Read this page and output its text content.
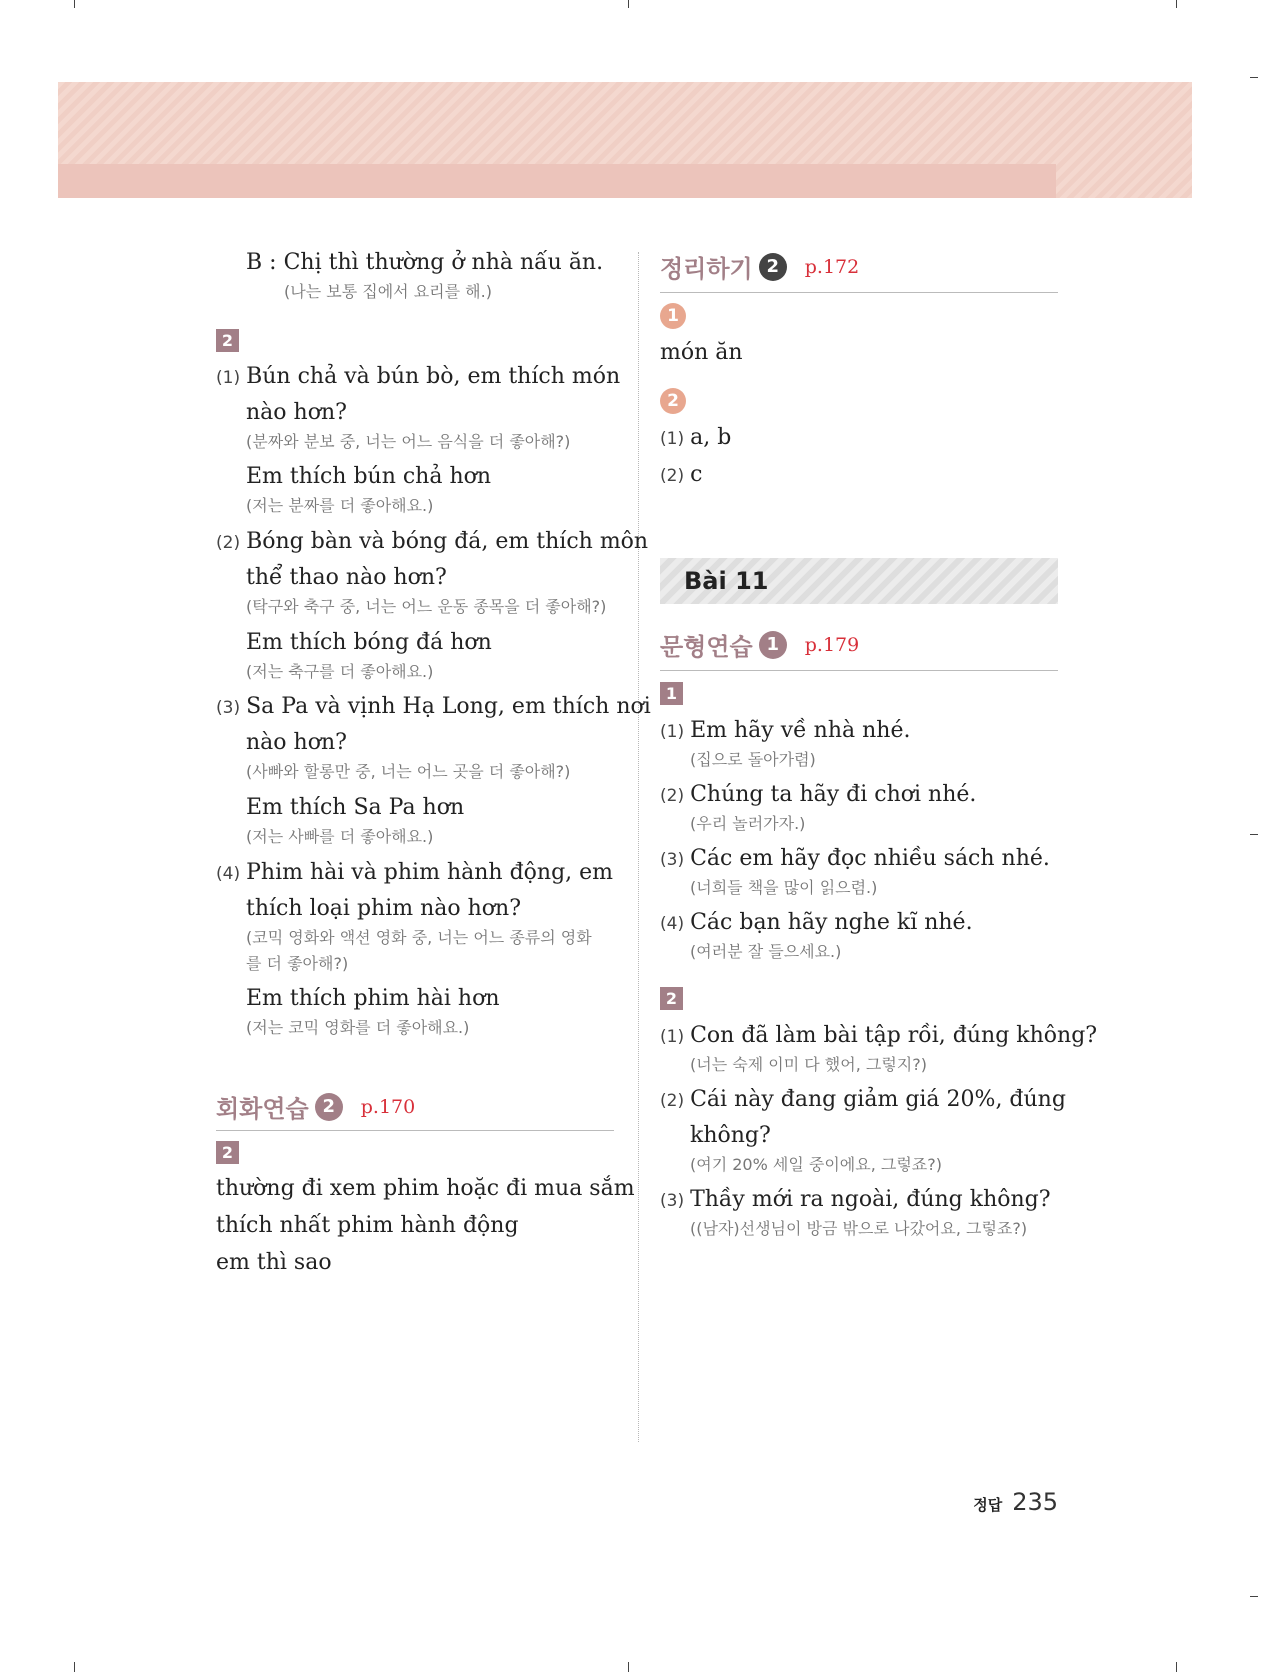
B : Chị thì thường ở nhà nấu ăn.
(나는 보통 집에서 요리를 해.)
2
(1) Bún chả và bún bò, em thích món
nào hơn?
(분짜와 분보 중, 너는 어느 음식을 더 좋아해?)
Em thích bún chả hơn
(저는 분짜를 더 좋아해요.)
(2) Bóng bàn và bóng đá, em thích môn
thể thao nào hơn?
(탁구와 축구 중, 너는 어느 운동 종목을 더 좋아해?)
Em thích bóng đá hơn
(저는 축구를 더 좋아해요.)
(3) Sa Pa và vịnh Hạ Long, em thích nơi
nào hơn?
(사빠와 할롱만 중, 너는 어느 곳을 더 좋아해?)
Em thích Sa Pa hơn
(저는 사빠를 더 좋아해요.)
(4) Phim hài và phim hành động, em
thích loại phim nào hơn?
(코믹 영화와 액션 영화 중, 너는 어느 종류의 영화
를 더 좋아해?)
Em thích phim hài hơn
(저는 코믹 영화를 더 좋아해요.)
회화연습 2	p.170
2
thường đi xem phim hoặc đi mua sắm
thích nhất phim hành động
em thì sao
정리하기 2	p.172
1
món ăn
2
(1) a, b
(2) c
Bài 11
문형연습 1	p.179
1
(1) Em hãy về nhà nhé.
(집으로 돌아가렴)
(2) Chúng ta hãy đi chơi nhé.
(우리 놀러가자.)
(3) Các em hãy đọc nhiều sách nhé.
(너희들 책을 많이 읽으렴.)
(4) Các bạn hãy nghe kĩ nhé.
(여러분 잘 들으세요.)
2
(1) Con đã làm bài tập rồi, đúng không?
(너는 숙제 이미 다 했어, 그렇지?)
(2) Cái này đang giảm giá 20%, đúng
không?
(여기 20% 세일 중이에요, 그렇죠?)
(3) Thầy mới ra ngoài, đúng không?
((남자)선생님이 방금 밖으로 나갔어요, 그렇죠?)
정답 235
